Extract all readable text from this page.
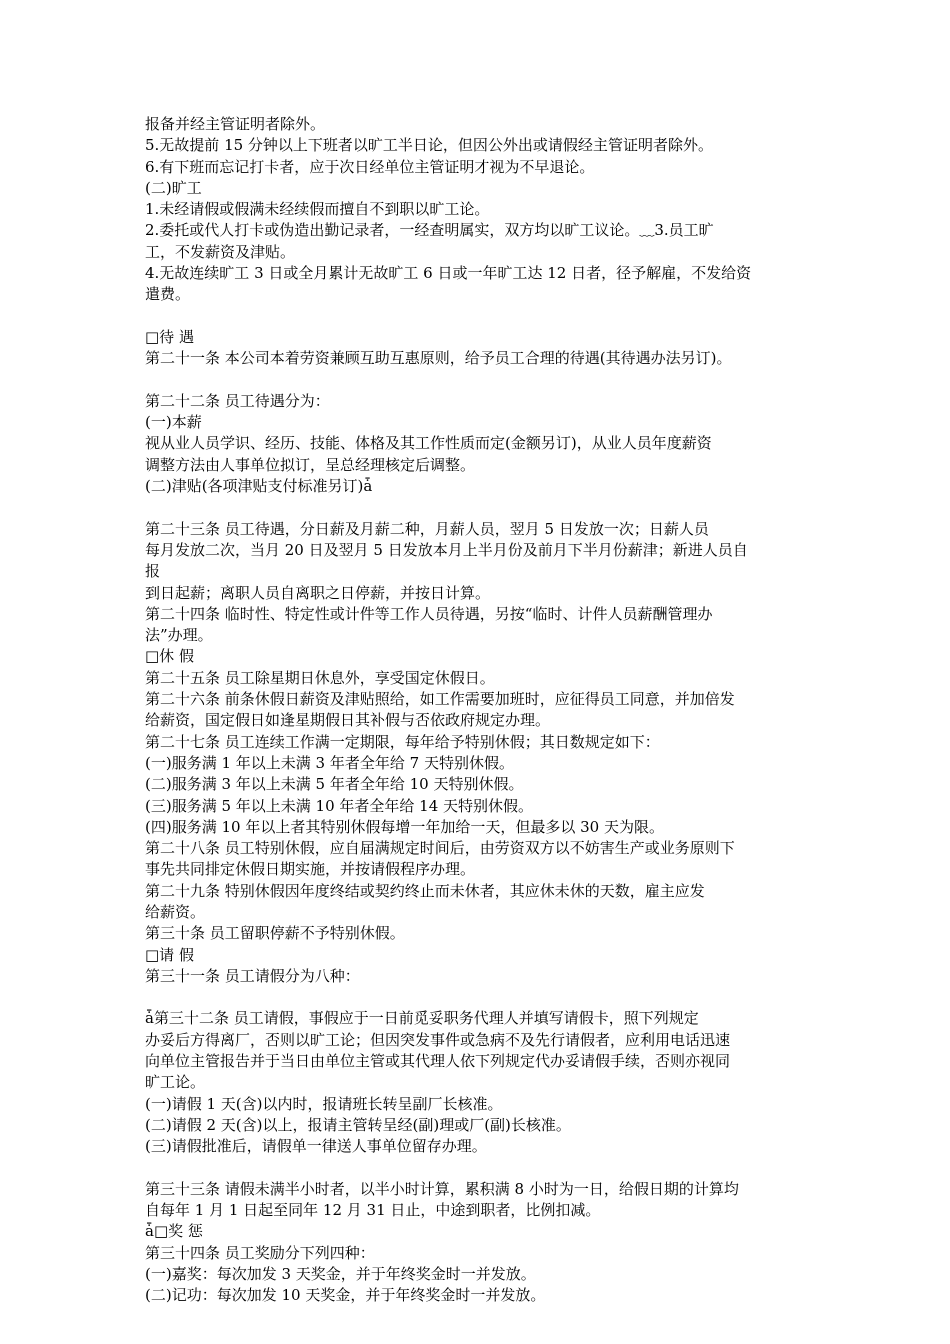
报备并经主管证明者除外。
5.无故提前 15 分钟以上下班者以旷工半日论，但因公外出或请假经主管证明者除外。
6.有下班而忘记打卡者，应于次日经单位主管证明才视为不早退论。
(二)旷工
1.未经请假或假满未经续假而擅自不到职以旷工论。
2.委托或代人打卡或伪造出勤记录者，一经查明属实，双方均以旷工议论。﹏3.员工旷
工，不发薪资及津贴。
4.无故连续旷工 3 日或全月累计无故旷工 6 日或一年旷工达 12 日者，径予解雇，不发给资
遣费。
□待 遇
第二十一条 本公司本着劳资兼顾互助互惠原则，给予员工合理的待遇(其待遇办法另订)。
第二十二条 员工待遇分为：
(一)本薪
视从业人员学识、经历、技能、体格及其工作性质而定(金额另订)，从业人员年度薪资
调整方法由人事单位拟订，呈总经理核定后调整。
(二)津贴(各项津贴支付标准另订)ǡ
第二十三条 员工待遇，分日薪及月薪二种，月薪人员，翌月 5 日发放一次；日薪人员
每月发放二次，当月 20 日及翌月 5 日发放本月上半月份及前月下半月份薪津；新进人员自
报
到日起薪；离职人员自离职之日停薪，并按日计算。
第二十四条 临时性、特定性或计件等工作人员待遇，另按“临时、计件人员薪酬管理办
法”办理。
□休 假
第二十五条 员工除星期日休息外，享受国定休假日。
第二十六条 前条休假日薪资及津贴照给，如工作需要加班时，应征得员工同意，并加倍发
给薪资，国定假日如逢星期假日其补假与否依政府规定办理。
第二十七条 员工连续工作满一定期限，每年给予特别休假；其日数规定如下：
(一)服务满 1 年以上未满 3 年者全年给 7 天特别休假。
(二)服务满 3 年以上未满 5 年者全年给 10 天特别休假。
(三)服务满 5 年以上未满 10 年者全年给 14 天特别休假。
(四)服务满 10 年以上者其特别休假每增一年加给一天，但最多以 30 天为限。
第二十八条 员工特别休假，应自届满规定时间后，由劳资双方以不妨害生产或业务原则下
事先共同排定休假日期实施，并按请假程序办理。
第二十九条 特别休假因年度终结或契约终止而未休者，其应休未休的天数，雇主应发
给薪资。
第三十条 员工留职停薪不予特别休假。
□请 假
第三十一条 员工请假分为八种：
ǡ第三十二条 员工请假，事假应于一日前觅妥职务代理人并填写请假卡，照下列规定
办妥后方得离厂，否则以旷工论；但因突发事件或急病不及先行请假者，应利用电话迅速
向单位主管报告并于当日由单位主管或其代理人依下列规定代办妥请假手续，否则亦视同
旷工论。
(一)请假 1 天(含)以内时，报请班长转呈副厂长核准。
(二)请假 2 天(含)以上，报请主管转呈经(副)理或厂(副)长核准。
(三)请假批准后，请假单一律送人事单位留存办理。
第三十三条 请假未满半小时者，以半小时计算，累积满 8 小时为一日，给假日期的计算均
自每年 1 月 1 日起至同年 12 月 31 日止，中途到职者，比例扣减。
ǡ□奖 惩
第三十四条 员工奖励分下列四种：
(一)嘉奖：每次加发 3 天奖金，并于年终奖金时一并发放。
(二)记功：每次加发 10 天奖金，并于年终奖金时一并发放。
